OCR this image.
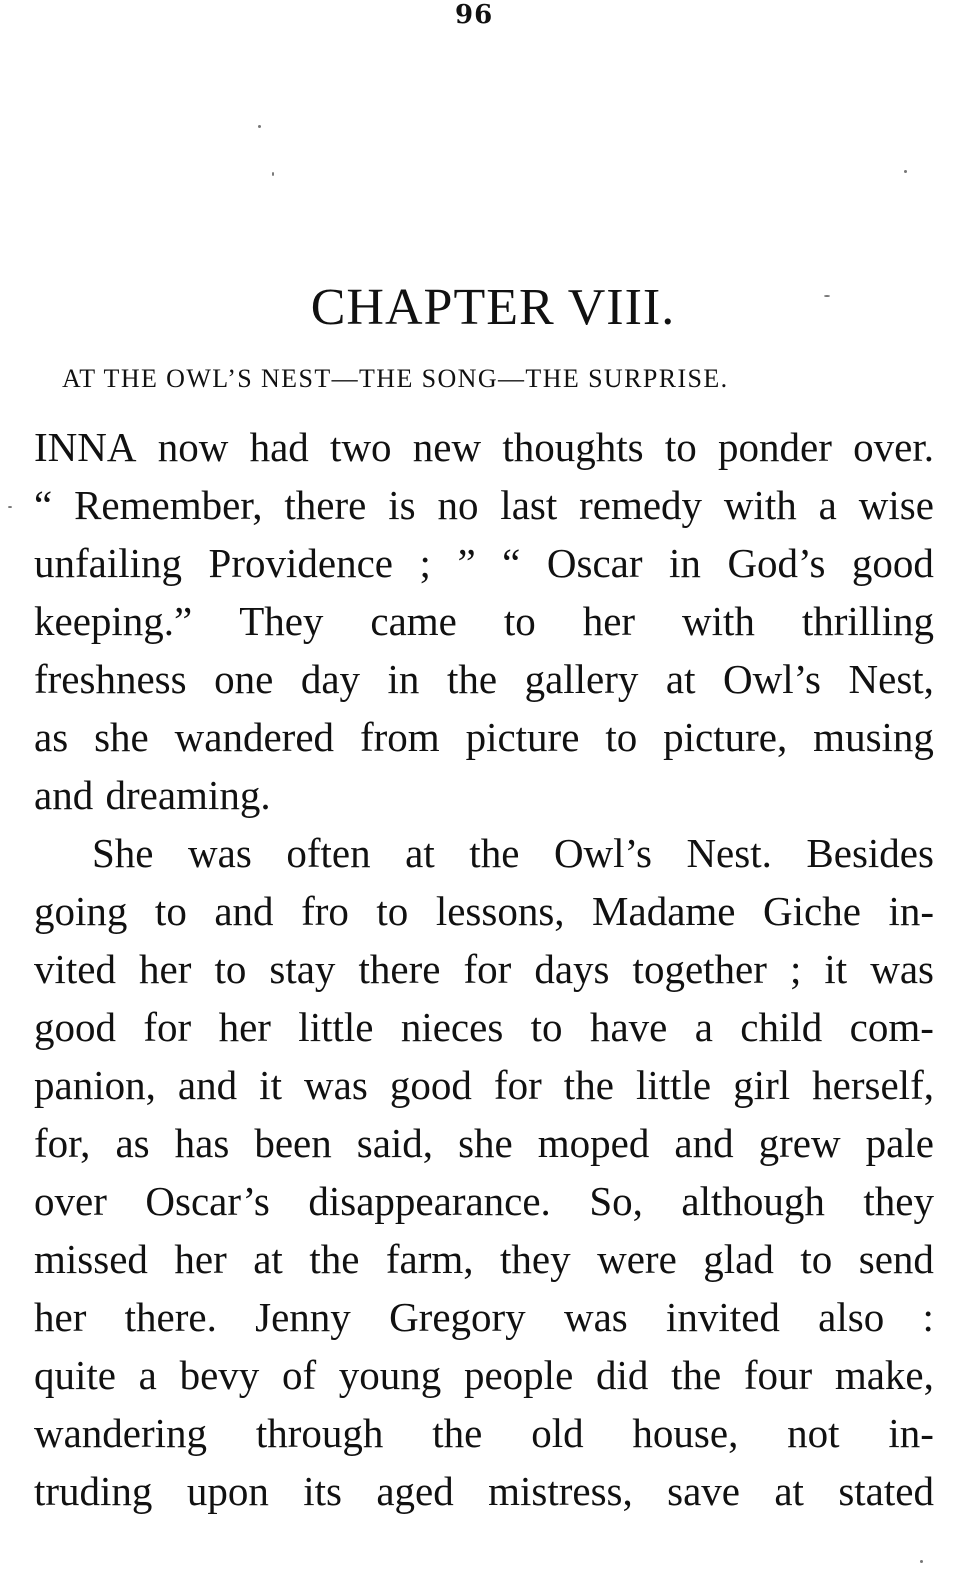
96
CHAPTER VIII.
AT THE OWL’S NEST—THE SONG—THE SURPRISE.
INNA now had two new thoughts to ponder over.
“ Remember, there is no last remedy with a wise
unfailing Providence ; ” “ Oscar in God’s good
keeping.” They came to her with thrilling
freshness one day in the gallery at Owl’s Nest,
as she wandered from picture to picture, musing
and dreaming.
She was often at the Owl’s Nest. Besides
going to and fro to lessons, Madame Giche in-
vited her to stay there for days together ; it was
good for her little nieces to have a child com-
panion, and it was good for the little girl herself,
for, as has been said, she moped and grew pale
over Oscar’s disappearance. So, although they
missed her at the farm, they were glad to send
her there. Jenny Gregory was invited also :
quite a bevy of young people did the four make,
wandering through the old house, not in-
truding upon its aged mistress, save at stated
